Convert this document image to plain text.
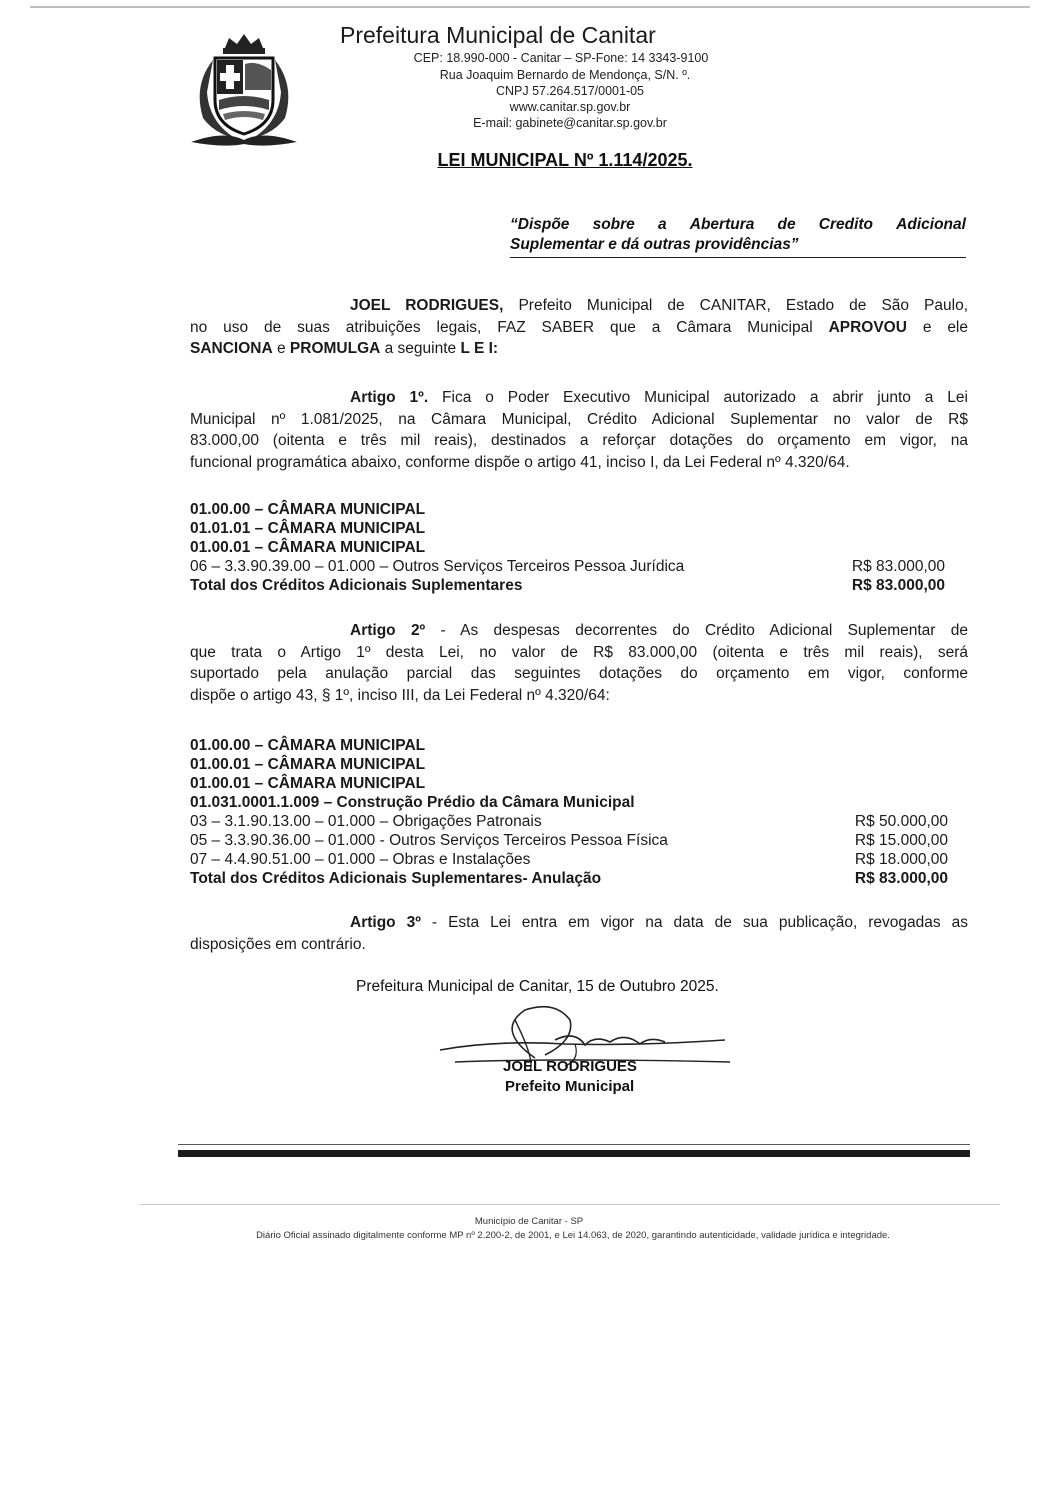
Prefeitura Municipal de Canitar
CEP: 18.990-000 - Canitar – SP-Fone: 14 3343-9100
Rua Joaquim Bernardo de Mendonça, S/N. º.
CNPJ 57.264.517/0001-05
www.canitar.sp.gov.br
E-mail: gabinete@canitar.sp.gov.br
LEI MUNICIPAL Nº 1.114/2025.
“Dispõe sobre a Abertura de Credito Adicional
Suplementar e dá outras providências”
JOEL RODRIGUES, Prefeito Municipal de CANITAR, Estado de São Paulo,
no uso de suas atribuições legais, FAZ SABER que a Câmara Municipal APROVOU e ele
SANCIONA e PROMULGA a seguinte L E I:
Artigo 1º. Fica o Poder Executivo Municipal autorizado a abrir junto a Lei
Municipal nº 1.081/2025, na Câmara Municipal, Crédito Adicional Suplementar no valor de R$
83.000,00 (oitenta e três mil reais), destinados a reforçar dotações do orçamento em vigor, na
funcional programática abaixo, conforme dispõe o artigo 41, inciso I, da Lei Federal nº 4.320/64.
01.00.00 – CÂMARA MUNICIPAL
01.01.01 – CÂMARA MUNICIPAL
01.00.01 – CÂMARA MUNICIPAL
06 – 3.3.90.39.00 – 01.000 – Outros Serviços Terceiros Pessoa Jurídica	R$ 83.000,00
Total dos Créditos Adicionais Suplementares	R$ 83.000,00
Artigo 2º - As despesas decorrentes do Crédito Adicional Suplementar de
que trata o Artigo 1º desta Lei, no valor de R$ 83.000,00 (oitenta e três mil reais), será
suportado pela anulação parcial das seguintes dotações do orçamento em vigor, conforme
dispõe o artigo 43, § 1º, inciso III, da Lei Federal nº 4.320/64:
01.00.00 – CÂMARA MUNICIPAL
01.00.01 – CÂMARA MUNICIPAL
01.00.01 – CÂMARA MUNICIPAL
01.031.0001.1.009 – Construção Prédio da Câmara Municipal
03 – 3.1.90.13.00 – 01.000 – Obrigações Patronais	R$ 50.000,00
05 – 3.3.90.36.00 – 01.000 - Outros Serviços Terceiros Pessoa Física	R$ 15.000,00
07 – 4.4.90.51.00 – 01.000 – Obras e Instalações	R$ 18.000,00
Total dos Créditos Adicionais Suplementares- Anulação	R$ 83.000,00
Artigo 3º - Esta Lei entra em vigor na data de sua publicação, revogadas as
disposições em contrário.
Prefeitura Municipal de Canitar, 15 de Outubro 2025.
JOEL RODRIGUES
Prefeito Municipal
Município de Canitar - SP
Diário Oficial assinado digitalmente conforme MP nº 2.200-2, de 2001, e Lei 14.063, de 2020, garantindo autenticidade, validade jurídica e integridade.
